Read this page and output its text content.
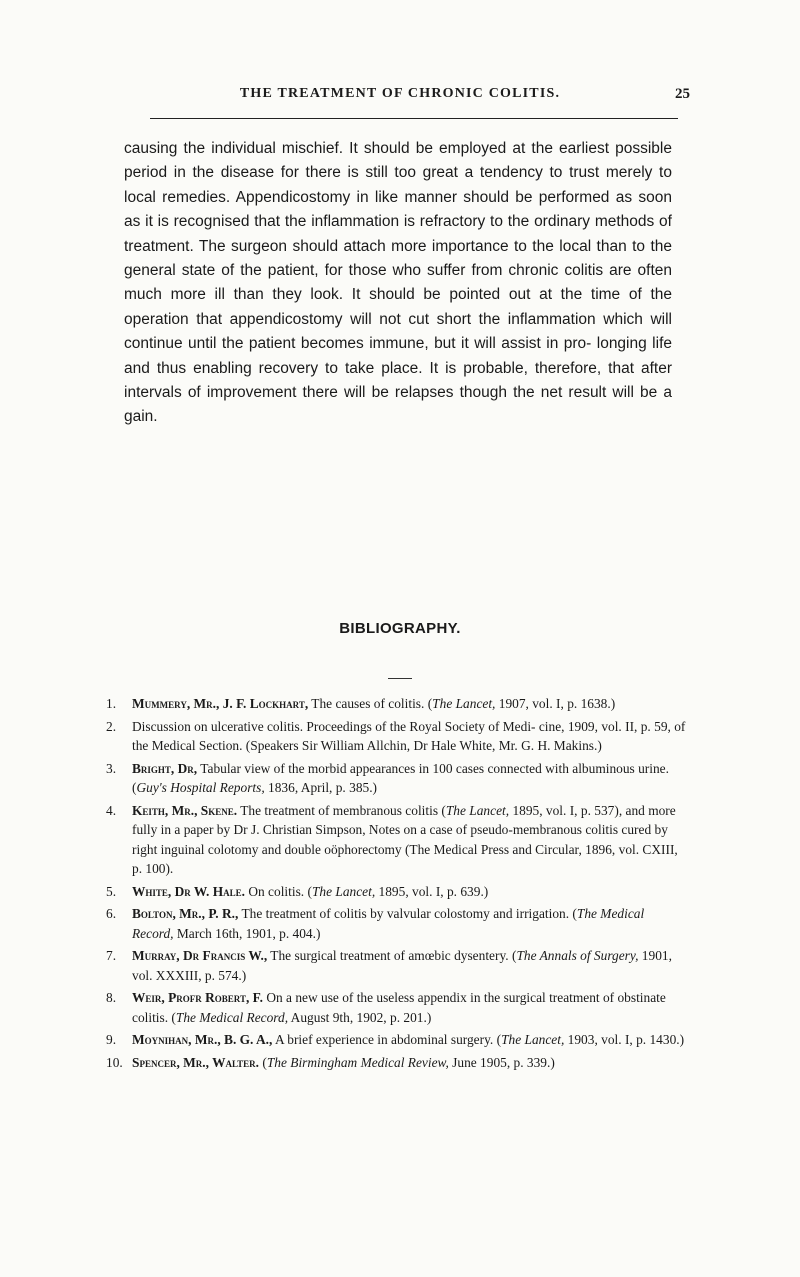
THE TREATMENT OF CHRONIC COLITIS.	25

causing the individual mischief. It should be employed at the earliest possible period in the disease for there is still too great a tendency to trust merely to local remedies. Appendicostomy in like manner should be performed as soon as it is recognised that the inflammation is refractory to the ordinary methods of treatment. The surgeon should attach more importance to the local than to the general state of the patient, for those who suffer from chronic colitis are often much more ill than they look. It should be pointed out at the time of the operation that appendicostomy will not cut short the inflammation which will continue until the patient becomes immune, but it will assist in pro- longing life and thus enabling recovery to take place. It is probable, therefore, that after intervals of improvement there will be relapses though the net result will be a gain.

BIBLIOGRAPHY.
1.	Mummery, Mr., J. F. Lockhart, The causes of colitis. (The Lancet, 1907, vol. I, p. 1638.)
2.	Discussion on ulcerative colitis. Proceedings of the Royal Society of Medi- cine, 1909, vol. II, p. 59, of the Medical Section. (Speakers Sir William Allchin, Dr Hale White, Mr. G. H. Makins.)
3.	Bright, Dr, Tabular view of the morbid appearances in 100 cases connected with albuminous urine. (Guy's Hospital Reports, 1836, April, p. 385.)
4.	Keith, Mr., Skene. The treatment of membranous colitis (The Lancet, 1895, vol. I, p. 537), and more fully in a paper by Dr J. Christian Simpson, Notes on a case of pseudo-membranous colitis cured by right inguinal colotomy and double oöphorectomy (The Medical Press and Circular, 1896, vol. CXIII, p. 100).
5.	White, Dr W. Hale. On colitis. (The Lancet, 1895, vol. I, p. 639.)
6.	Bolton, Mr., P. R., The treatment of colitis by valvular colostomy and irrigation. (The Medical Record, March 16th, 1901, p. 404.)
7.	Murray, Dr Francis W., The surgical treatment of amœbic dysentery. (The Annals of Surgery, 1901, vol. XXXIII, p. 574.)
8.	Weir, Profr Robert, F. On a new use of the useless appendix in the surgical treatment of obstinate colitis. (The Medical Record, August 9th, 1902, p. 201.)
9.	Moynihan, Mr., B. G. A., A brief experience in abdominal surgery. (The Lancet, 1903, vol. I, p. 1430.)
10. Spencer, Mr., Walter. (The Birmingham Medical Review, June 1905, p. 339.)
